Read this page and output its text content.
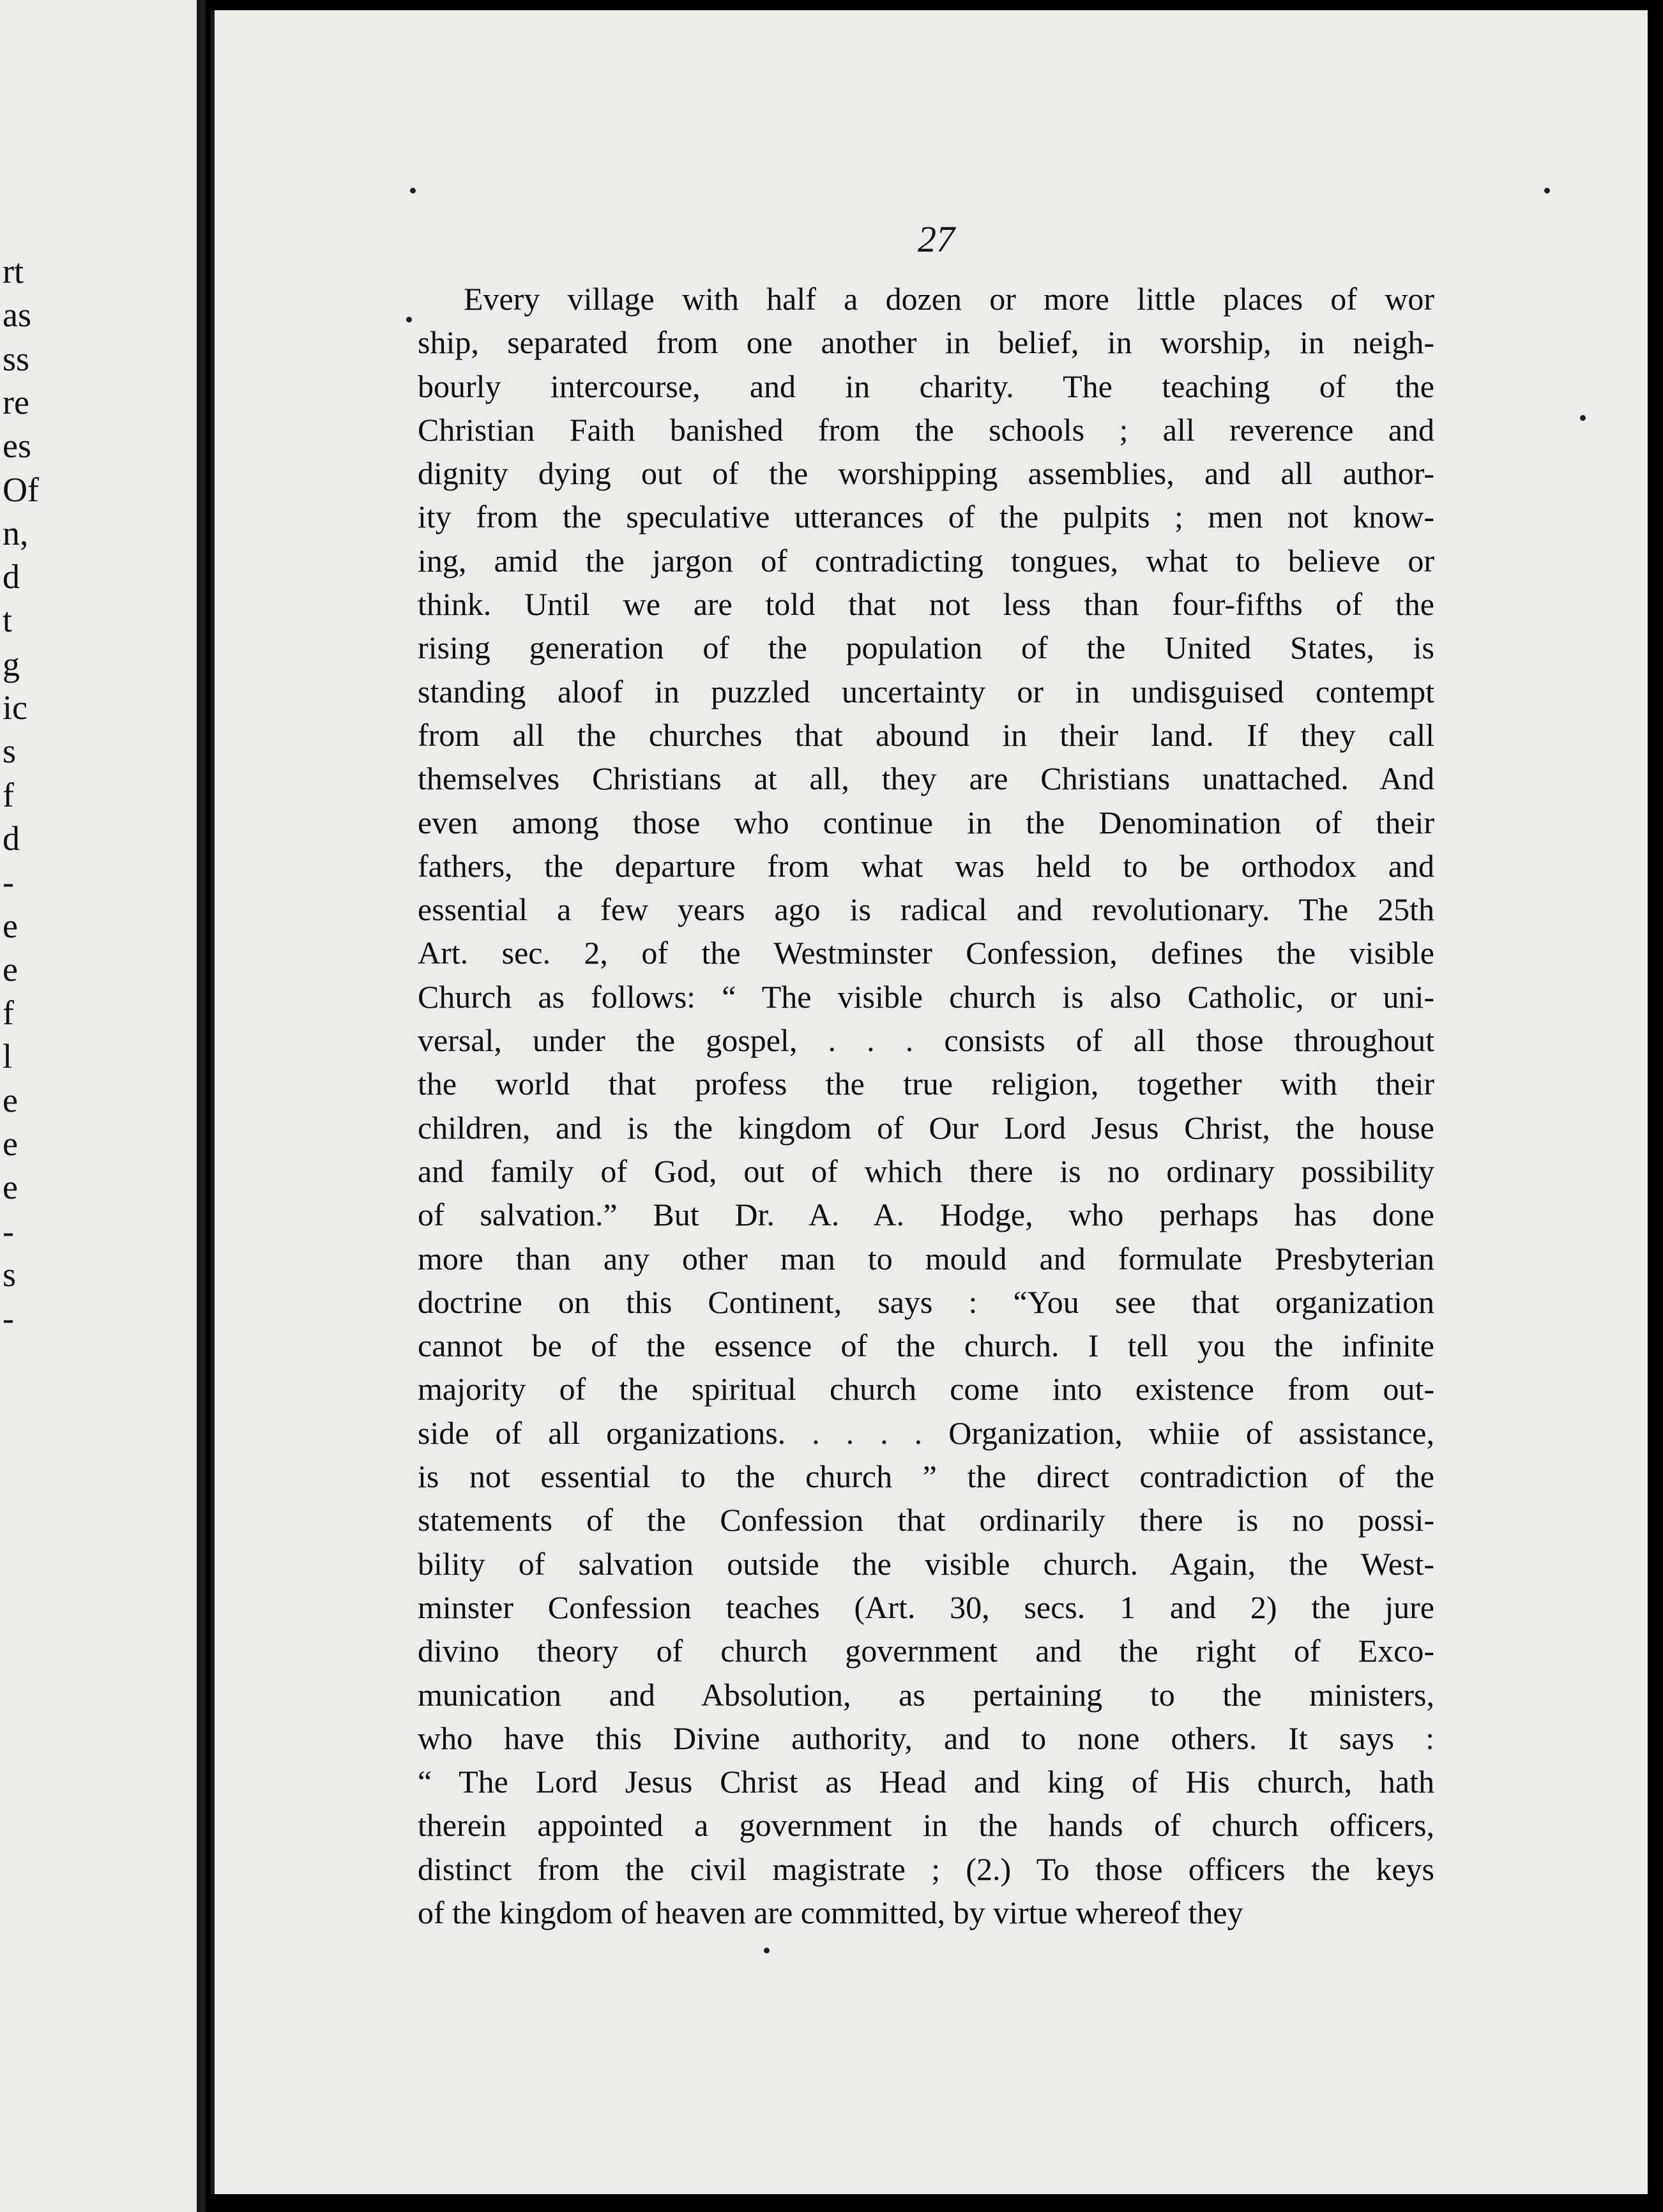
rt
as
ss
re
es
Of
n,
d
t
g
ic
s
f
d
-
e
e
f
l
e
e
e
-
s
-
27
Every village with half a dozen or more little places of wor
ship, separated from one another in belief, in worship, in neigh-
bourly intercourse, and in charity. The teaching of the
Christian Faith banished from the schools ; all reverence and
dignity dying out of the worshipping assemblies, and all author-
ity from the speculative utterances of the pulpits ; men not know-
ing, amid the jargon of contradicting tongues, what to believe or
think. Until we are told that not less than four-fifths of the
rising generation of the population of the United States, is
standing aloof in puzzled uncertainty or in undisguised contempt
from all the churches that abound in their land. If they call
themselves Christians at all, they are Christians unattached. And
even among those who continue in the Denomination of their
fathers, the departure from what was held to be orthodox and
essential a few years ago is radical and revolutionary. The 25th
Art. sec. 2, of the Westminster Confession, defines the visible
Church as follows: “ The visible church is also Catholic, or uni-
versal, under the gospel, . . . consists of all those throughout
the world that profess the true religion, together with their
children, and is the kingdom of Our Lord Jesus Christ, the house
and family of God, out of which there is no ordinary possibility
of salvation.” But Dr. A. A. Hodge, who perhaps has done
more than any other man to mould and formulate Presbyterian
doctrine on this Continent, says : “You see that organization
cannot be of the essence of the church. I tell you the infinite
majority of the spiritual church come into existence from out-
side of all organizations. . . . . Organization, whiie of assistance,
is not essential to the church ” the direct contradiction of the
statements of the Confession that ordinarily there is no possi-
bility of salvation outside the visible church. Again, the West-
minster Confession teaches (Art. 30, secs. 1 and 2) the jure
divino theory of church government and the right of Exco-
munication and Absolution, as pertaining to the ministers,
who have this Divine authority, and to none others. It says :
“ The Lord Jesus Christ as Head and king of His church, hath
therein appointed a government in the hands of church officers,
distinct from the civil magistrate ; (2.) To those officers the keys
of the kingdom of heaven are committed, by virtue whereof they
